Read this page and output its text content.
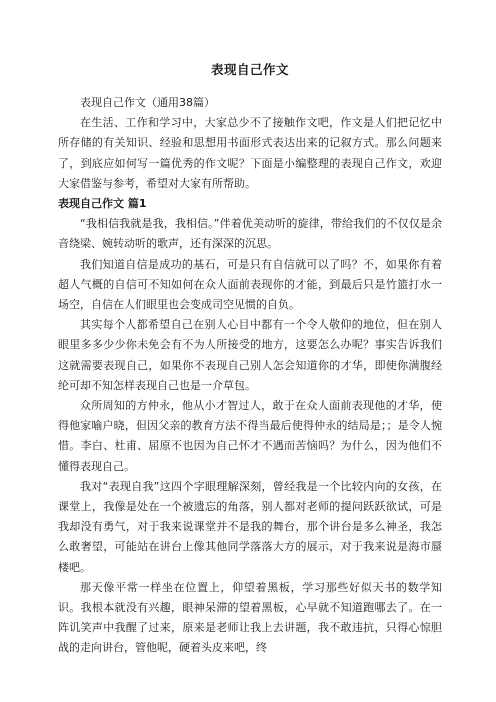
表现自己作文

表现自己作文（通用38篇）

在生活、工作和学习中，大家总少不了接触作文吧，作文是人们把记忆中所存储的有关知识、经验和思想用书面形式表达出来的记叙方式。那么问题来了，到底应如何写一篇优秀的作文呢？下面是小编整理的表现自己作文，欢迎大家借鉴与参考，希望对大家有所帮助。

表现自己作文 篇1

“我相信我就是我，我相信。”伴着优美动听的旋律，带给我们的不仅仅是余音绕梁、婉转动听的歌声，还有深深的沉思。

我们知道自信是成功的基石，可是只有自信就可以了吗？不，如果你有着超人气概的自信可不知如何在众人面前表现你的才能，到最后只是竹篮打水一场空，自信在人们眼里也会变成司空见惯的自负。

其实每个人都希望自己在别人心目中都有一个令人敬仰的地位，但在别人眼里多多少少你未免会有不为人所接受的地方，这要怎么办呢？事实告诉我们这就需要表现自己，如果你不表现自己别人怎会知道你的才华，即使你满腹经纶可却不知怎样表现自己也是一介草包。

众所周知的方仲永，他从小才智过人，敢于在众人面前表现他的才华，使得他家喻户晓，但因父亲的教育方法不得当最后使得仲永的结局是；；是令人惋惜。李白、杜甫、屈原不也因为自己怀才不遇而苦恼吗？为什么，因为他们不懂得表现自己。

我对“表现自我”这四个字眼理解深刻，曾经我是一个比较内向的女孩，在课堂上，我像是处在一个被遗忘的角落，别人都对老师的提问跃跃欲试，可是我却没有勇气，对于我来说课堂并不是我的舞台，那个讲台是多么神圣，我怎么敢奢望，可能站在讲台上像其他同学落落大方的展示，对于我来说是海市蜃楼吧。

那天像平常一样坐在位置上，仰望着黑板，学习那些好似天书的数学知识。我根本就没有兴趣，眼神呆滞的望着黑板，心早就不知道跑哪去了。在一阵讥笑声中我醒了过来，原来是老师让我上去讲题，我不敢违抗，只得心惊胆战的走向讲台，管他呢，硬着头皮来吧，终
